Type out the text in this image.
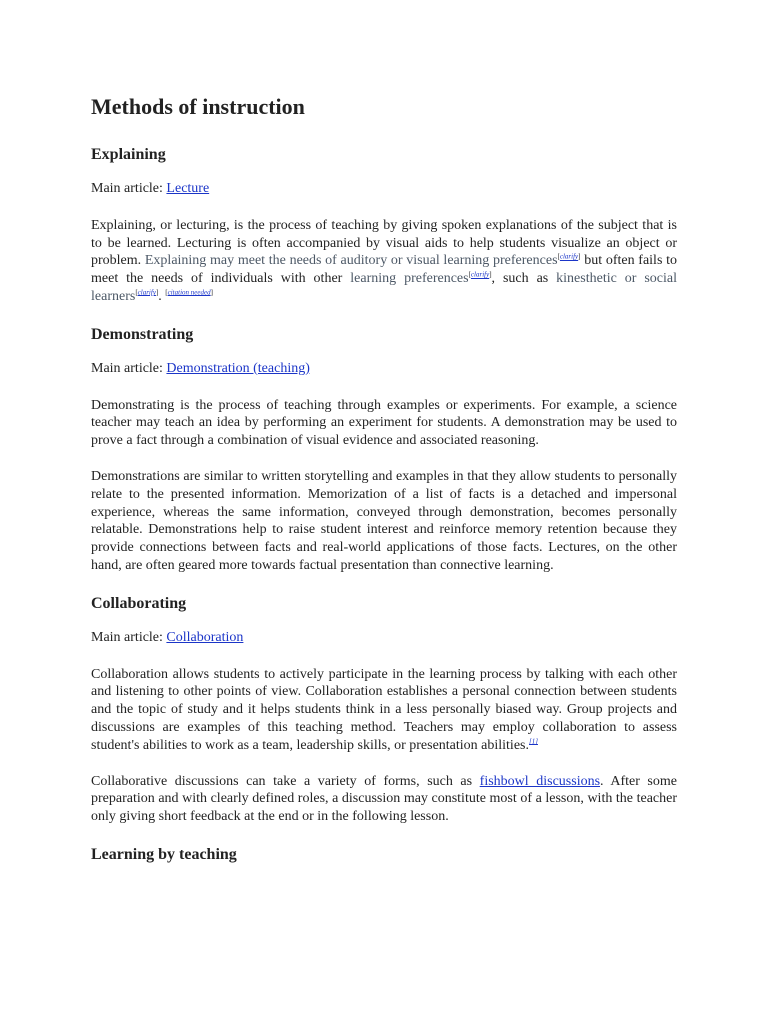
Methods of instruction
Explaining

Main article: Lecture

Explaining, or lecturing, is the process of teaching by giving spoken explanations of the subject that is to be learned. Lecturing is often accompanied by visual aids to help students visualize an object or problem. Explaining may meet the needs of auditory or visual learning preferences[clarify] but often fails to meet the needs of individuals with other learning preferences[clarify], such as kinesthetic or social learners[clarify]. [citation needed]

Demonstrating

Main article: Demonstration (teaching)

Demonstrating is the process of teaching through examples or experiments. For example, a science teacher may teach an idea by performing an experiment for students. A demonstration may be used to prove a fact through a combination of visual evidence and associated reasoning.

Demonstrations are similar to written storytelling and examples in that they allow students to personally relate to the presented information. Memorization of a list of facts is a detached and impersonal experience, whereas the same information, conveyed through demonstration, becomes personally relatable. Demonstrations help to raise student interest and reinforce memory retention because they provide connections between facts and real-world applications of those facts. Lectures, on the other hand, are often geared more towards factual presentation than connective learning.

Collaborating

Main article: Collaboration

Collaboration allows students to actively participate in the learning process by talking with each other and listening to other points of view. Collaboration establishes a personal connection between students and the topic of study and it helps students think in a less personally biased way. Group projects and discussions are examples of this teaching method. Teachers may employ collaboration to assess student's abilities to work as a team, leadership skills, or presentation abilities.[1]

Collaborative discussions can take a variety of forms, such as fishbowl discussions. After some preparation and with clearly defined roles, a discussion may constitute most of a lesson, with the teacher only giving short feedback at the end or in the following lesson.

Learning by teaching
